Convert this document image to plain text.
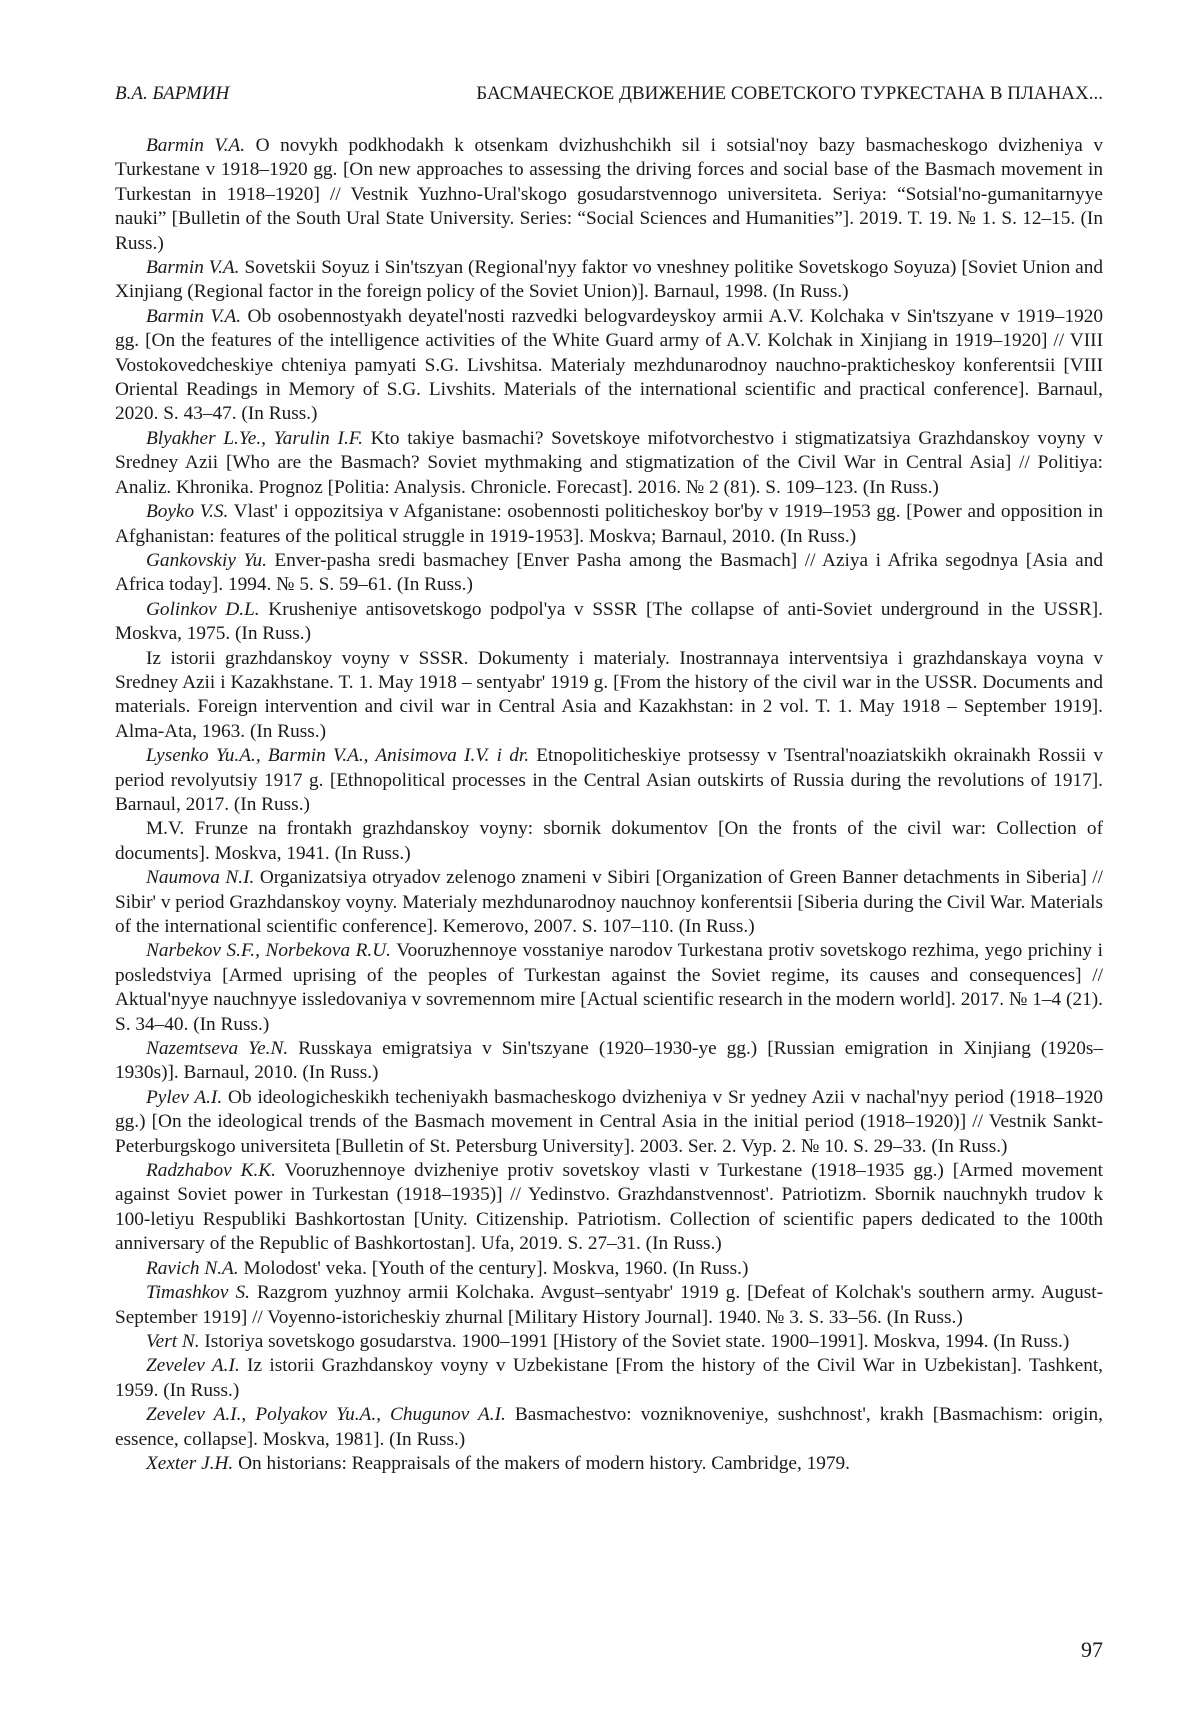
В.А. БАРМИН	БАСМАЧЕСКОЕ ДВИЖЕНИЕ СОВЕТСКОГО ТУРКЕСТАНА В ПЛАНАХ...

Barmin V.A. O novykh podkhodakh k otsenkam dvizhushchikh sil i sotsial'noy bazy basmacheskogo dvizheniya v Turkestane v 1918–1920 gg. [On new approaches to assessing the driving forces and social base of the Basmach movement in Turkestan in 1918–1920] // Vestnik Yuzhno-Ural'skogo gosudarstvennogo universiteta. Seriya: “Sotsial'no-gumanitarnyye nauki” [Bulletin of the South Ural State University. Series: “Social Sciences and Humanities”]. 2019. T. 19. № 1. S. 12–15. (In Russ.)

Barmin V.A. Sovetskii Soyuz i Sin'tszyan (Regional'nyy faktor vo vneshney politike Sovetskogo Soyuza) [Soviet Union and Xinjiang (Regional factor in the foreign policy of the Soviet Union)]. Barnaul, 1998. (In Russ.)

Barmin V.A. Ob osobennostyakh deyatel'nosti razvedki belogvardeyskoy armii A.V. Kolchaka v Sin'tszyane v 1919–1920 gg. [On the features of the intelligence activities of the White Guard army of A.V. Kolchak in Xinjiang in 1919–1920] // VIII Vostokovedcheskiye chteniya pamyati S.G. Livshitsa. Materialy mezhdunarodnoy nauchno-prakticheskoy konferentsii [VIII Oriental Readings in Memory of S.G. Livshits. Materials of the international scientific and practical conference]. Barnaul, 2020. S. 43–47. (In Russ.)

Blyakher L.Ye., Yarulin I.F. Kto takiye basmachi? Sovetskoye mifotvorchestvo i stigmatizatsiya Grazhdanskoy voyny v Sredney Azii [Who are the Basmach? Soviet mythmaking and stigmatization of the Civil War in Central Asia] // Politiya: Analiz. Khronika. Prognoz [Politia: Analysis. Chronicle. Forecast]. 2016. № 2 (81). S. 109–123. (In Russ.)

Boyko V.S. Vlast' i oppozitsiya v Afganistane: osobennosti politicheskoy bor'by v 1919–1953 gg. [Power and opposition in Afghanistan: features of the political struggle in 1919-1953]. Moskva; Barnaul, 2010. (In Russ.)

Gankovskiy Yu. Enver-pasha sredi basmachey [Enver Pasha among the Basmach] // Aziya i Afrika segodnya [Asia and Africa today]. 1994. № 5. S. 59–61. (In Russ.)

Golinkov D.L. Krusheniye antisovetskogo podpol'ya v SSSR [The collapse of anti-Soviet underground in the USSR]. Moskva, 1975. (In Russ.)

Iz istorii grazhdanskoy voyny v SSSR. Dokumenty i materialy. Inostrannaya interventsiya i grazhdanskaya voyna v Sredney Azii i Kazakhstane. T. 1. May 1918 – sentyabr' 1919 g. [From the history of the civil war in the USSR. Documents and materials. Foreign intervention and civil war in Central Asia and Kazakhstan: in 2 vol. T. 1. May 1918 – September 1919]. Alma-Ata, 1963. (In Russ.)

Lysenko Yu.A., Barmin V.A., Anisimova I.V. i dr. Etnopoliticheskiye protsessy v Tsentral'noaziatskikh okrainakh Rossii v period revolyutsiy 1917 g. [Ethnopolitical processes in the Central Asian outskirts of Russia during the revolutions of 1917]. Barnaul, 2017. (In Russ.)

M.V. Frunze na frontakh grazhdanskoy voyny: sbornik dokumentov [On the fronts of the civil war: Collection of documents]. Moskva, 1941. (In Russ.)

Naumova N.I. Organizatsiya otryadov zelenogo znameni v Sibiri [Organization of Green Banner detachments in Siberia] // Sibir' v period Grazhdanskoy voyny. Materialy mezhdunarodnoy nauchnoy konferentsii [Siberia during the Civil War. Materials of the international scientific conference]. Kemerovo, 2007. S. 107–110. (In Russ.)

Narbekov S.F., Norbekova R.U. Vooruzhennoye vosstaniye narodov Turkestana protiv sovetskogo rezhima, yego prichiny i posledstviya [Armed uprising of the peoples of Turkestan against the Soviet regime, its causes and consequences] // Aktual'nyye nauchnyye issledovaniya v sovremennom mire [Actual scientific research in the modern world]. 2017. № 1–4 (21). S. 34–40. (In Russ.)

Nazemtseva Ye.N. Russkaya emigratsiya v Sin'tszyane (1920–1930-ye gg.) [Russian emigration in Xinjiang (1920s–1930s)]. Barnaul, 2010. (In Russ.)

Pylev A.I. Ob ideologicheskikh techeniyakh basmacheskogo dvizheniya v Sr yedney Azii v nachal'nyy period (1918–1920 gg.) [On the ideological trends of the Basmach movement in Central Asia in the initial period (1918–1920)] // Vestnik Sankt-Peterburgskogo universiteta [Bulletin of St. Petersburg University]. 2003. Ser. 2. Vyp. 2. № 10. S. 29–33. (In Russ.)

Radzhabov K.K. Vooruzhennoye dvizheniye protiv sovetskoy vlasti v Turkestane (1918–1935 gg.) [Armed movement against Soviet power in Turkestan (1918–1935)] // Yedinstvo. Grazhdanstvennost'. Patriotizm. Sbornik nauchnykh trudov k 100-letiyu Respubliki Bashkortostan [Unity. Citizenship. Patriotism. Collection of scientific papers dedicated to the 100th anniversary of the Republic of Bashkortostan]. Ufa, 2019. S. 27–31. (In Russ.)

Ravich N.A. Molodost' veka. [Youth of the century]. Moskva, 1960. (In Russ.)

Timashkov S. Razgrom yuzhnoy armii Kolchaka. Avgust–sentyabr' 1919 g. [Defeat of Kolchak's southern army. August-September 1919] // Voyenno-istoricheskiy zhurnal [Military History Journal]. 1940. № 3. S. 33–56. (In Russ.)

Vert N. Istoriya sovetskogo gosudarstva. 1900–1991 [History of the Soviet state. 1900–1991]. Moskva, 1994. (In Russ.)

Zevelev A.I. Iz istorii Grazhdanskoy voyny v Uzbekistane [From the history of the Civil War in Uzbekistan]. Tashkent, 1959. (In Russ.)

Zevelev A.I., Polyakov Yu.A., Chugunov A.I. Basmachestvo: vozniknoveniye, sushchnost', krakh [Basmachism: origin, essence, collapse]. Moskva, 1981]. (In Russ.)

Xexter J.H. On historians: Reappraisals of the makers of modern history. Cambridge, 1979.

97
